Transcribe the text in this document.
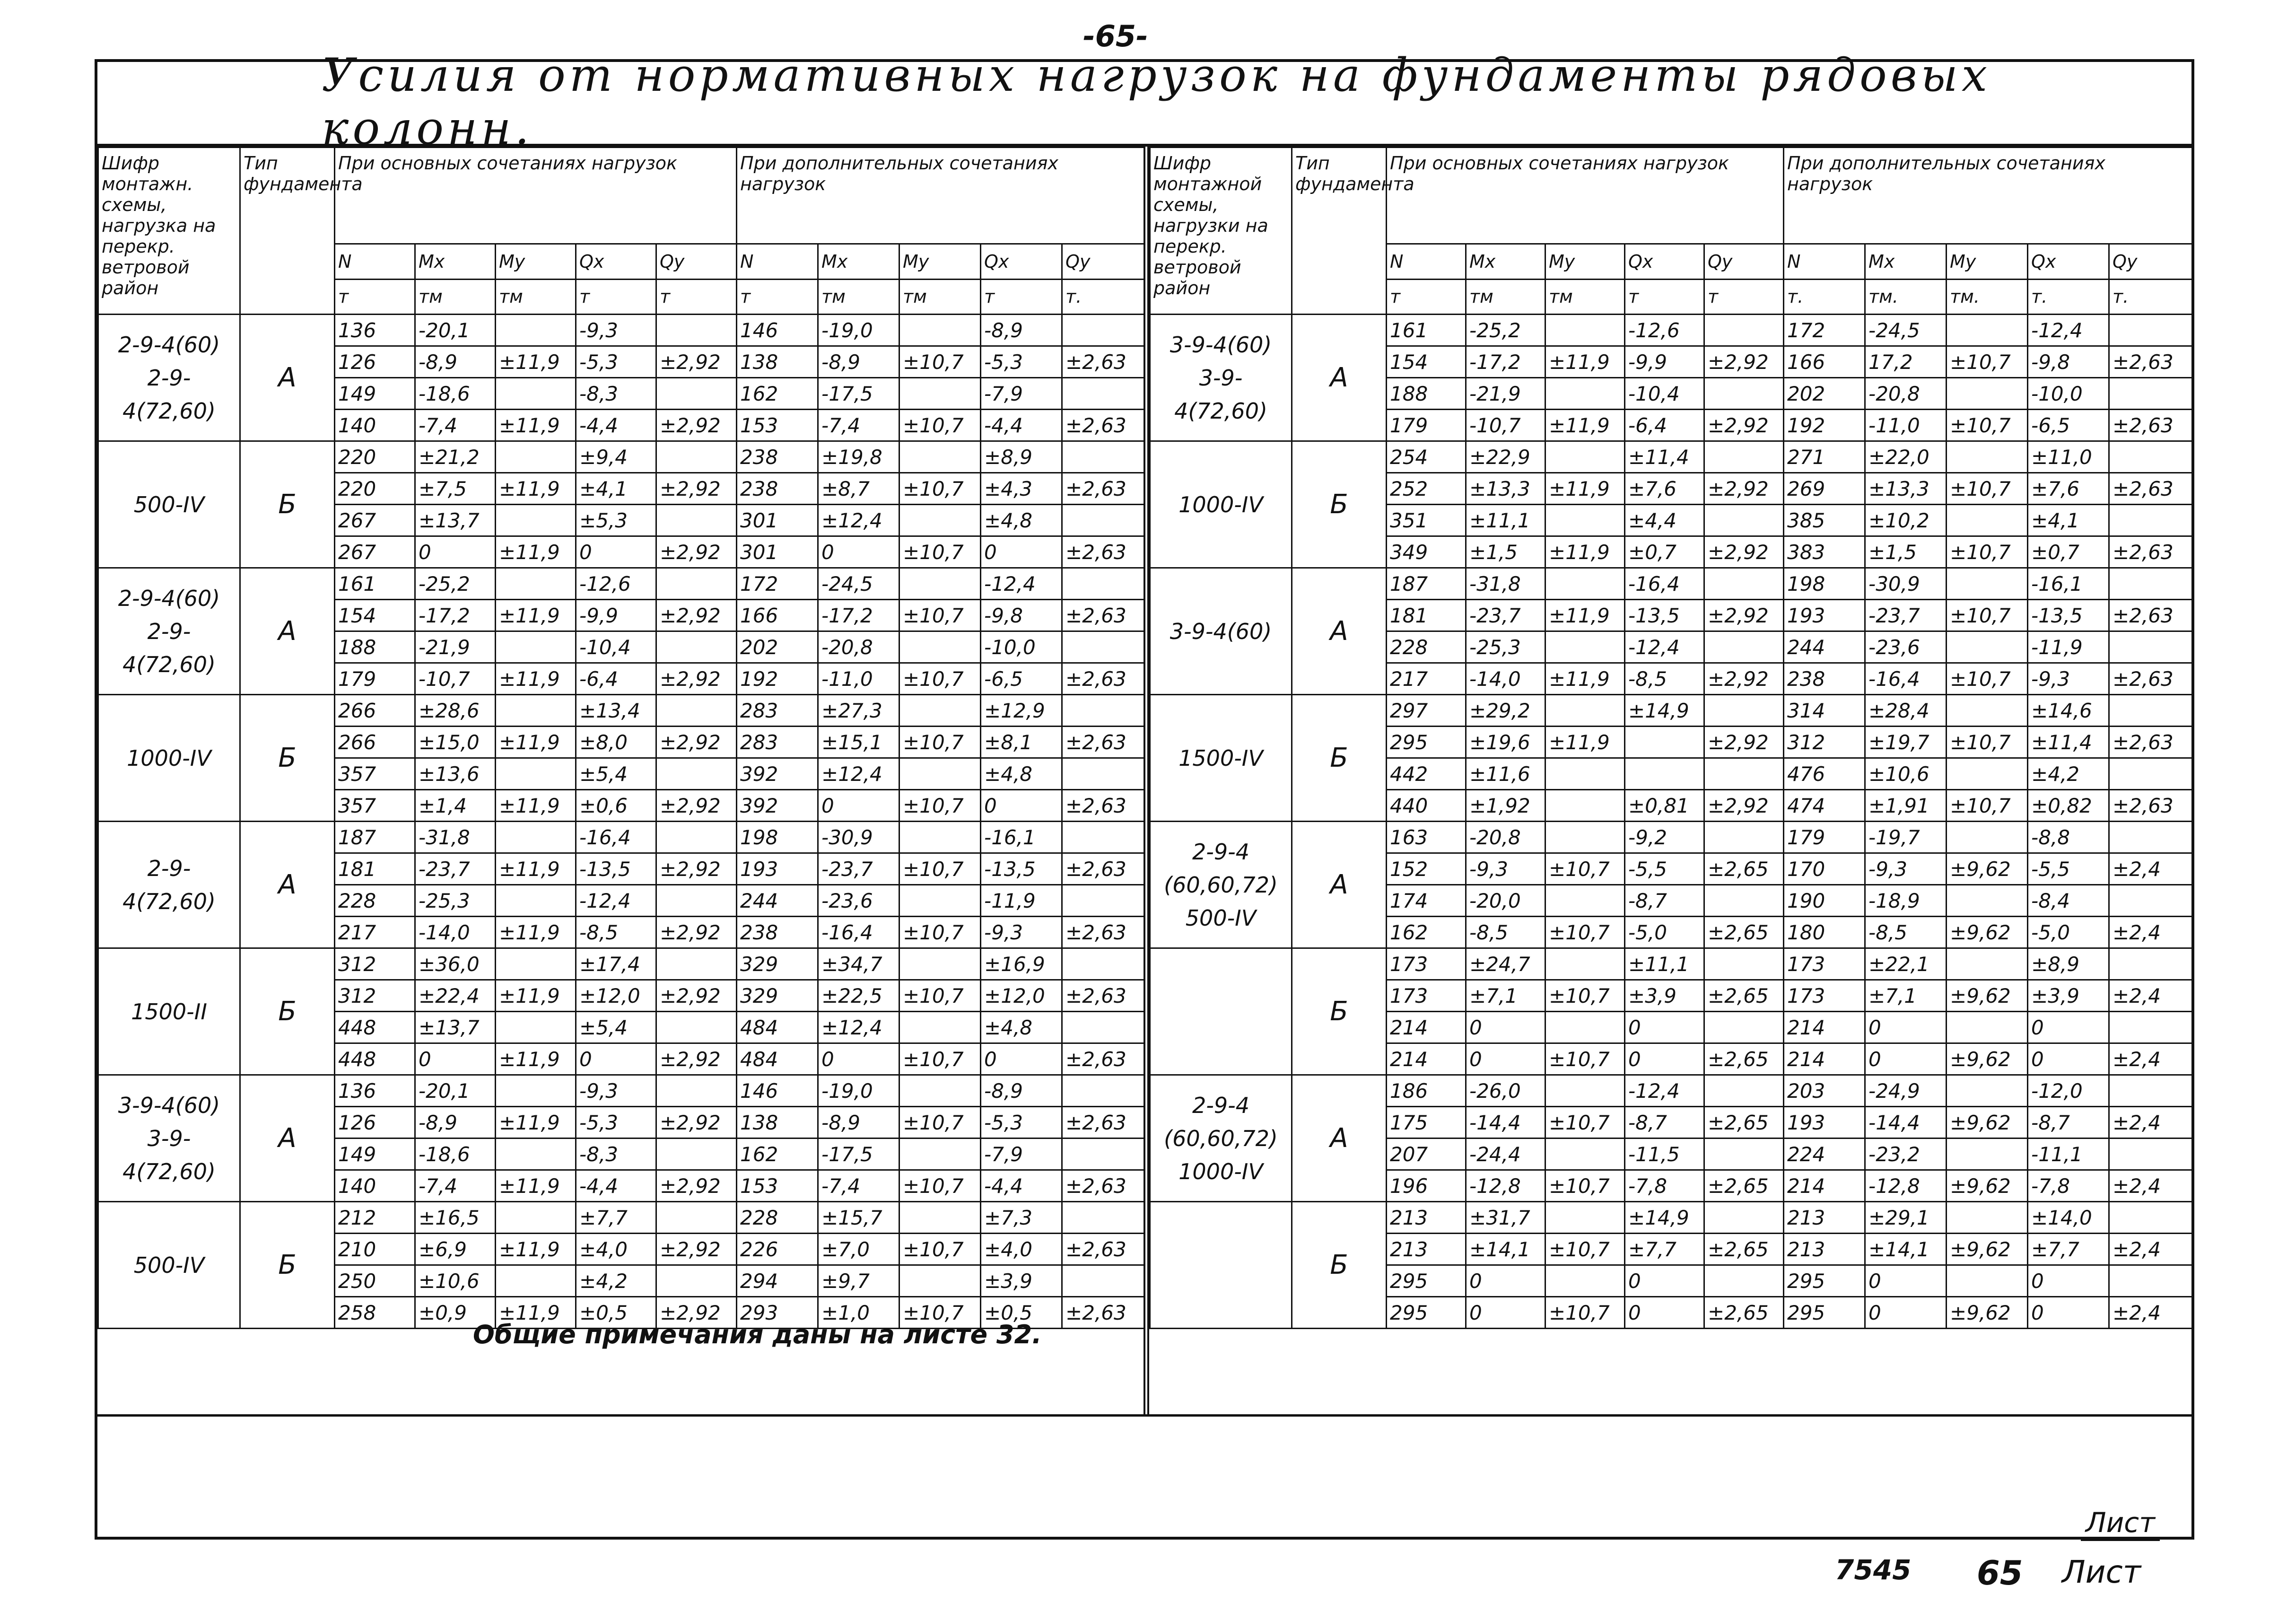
-65-
Усилия от нормативных нагрузок на фундаменты рядовых колонн.
Шифр монтажн. схемы, нагрузка на перекр. ветровой район	Тип фундамента	При основных сочетаниях нагрузок					При дополнительных сочетаниях нагрузок				
		N	Mx	My	Qx	Qy	N	Mx	My	Qx	Qy
		т	тм	тм	т	т	т	тм	тм	т	т.

2-9-4(60)
2-9-4(72,60)	А	136	-20,1		-9,3		146	-19,0		-8,9	
		126	-8,9	±11,9	-5,3	±2,92	138	-8,9	±10,7	-5,3	±2,63
		149	-18,6		-8,3		162	-17,5		-7,9	
		140	-7,4	±11,9	-4,4	±2,92	153	-7,4	±10,7	-4,4	±2,63

500-IV	Б	220	±21,2		±9,4		238	±19,8		±8,9	
		220	±7,5	±11,9	±4,1	±2,92	238	±8,7	±10,7	±4,3	±2,63
		267	±13,7		±5,3		301	±12,4		±4,8	
		267	0	±11,9	0	±2,92	301	0	±10,7	0	±2,63

2-9-4(60)
2-9-4(72,60)	А	161	-25,2		-12,6		172	-24,5		-12,4	
		154	-17,2	±11,9	-9,9	±2,92	166	-17,2	±10,7	-9,8	±2,63
		188	-21,9		-10,4		202	-20,8		-10,0	
		179	-10,7	±11,9	-6,4	±2,92	192	-11,0	±10,7	-6,5	±2,63

1000-IV	Б	266	±28,6		±13,4		283	±27,3		±12,9	
		266	±15,0	±11,9	±8,0	±2,92	283	±15,1	±10,7	±8,1	±2,63
		357	±13,6		±5,4		392	±12,4		±4,8	
		357	±1,4	±11,9	±0,6	±2,92	392	0	±10,7	0	±2,63

2-9-4(72,60)	А	187	-31,8		-16,4		198	-30,9		-16,1	
		181	-23,7	±11,9	-13,5	±2,92	193	-23,7	±10,7	-13,5	±2,63
		228	-25,3		-12,4		244	-23,6		-11,9	
		217	-14,0	±11,9	-8,5	±2,92	238	-16,4	±10,7	-9,3	±2,63

1500-II	Б	312	±36,0		±17,4		329	±34,7		±16,9	
		312	±22,4	±11,9	±12,0	±2,92	329	±22,5	±10,7	±12,0	±2,63
		448	±13,7		±5,4		484	±12,4		±4,8	
		448	0	±11,9	0	±2,92	484	0	±10,7	0	±2,63

3-9-4(60)
3-9-4(72,60)	А	136	-20,1		-9,3		146	-19,0		-8,9	
		126	-8,9	±11,9	-5,3	±2,92	138	-8,9	±10,7	-5,3	±2,63
		149	-18,6		-8,3		162	-17,5		-7,9	
		140	-7,4	±11,9	-4,4	±2,92	153	-7,4	±10,7	-4,4	±2,63

500-IV	Б	212	±16,5		±7,7		228	±15,7		±7,3	
		210	±6,9	±11,9	±4,0	±2,92	226	±7,0	±10,7	±4,0	±2,63
		250	±10,6		±4,2		294	±9,7		±3,9	
		258	±0,9	±11,9	±0,5	±2,92	293	±1,0	±10,7	±0,5	±2,63
Шифр монтажной схемы, нагрузки на перекр. ветровой район	Тип фундамента	При основных сочетаниях нагрузок					При дополнительных сочетаниях нагрузок				
		N	Mx	My	Qx	Qy	N	Mx	My	Qx	Qy
		т	тм	тм	т	т	т.	тм.	тм.	т.	т.

3-9-4(60)
3-9-4(72,60)	А	161	-25,2		-12,6		172	-24,5		-12,4	
		154	-17,2	±11,9	-9,9	±2,92	166	17,2	±10,7	-9,8	±2,63
		188	-21,9		-10,4		202	-20,8		-10,0	
		179	-10,7	±11,9	-6,4	±2,92	192	-11,0	±10,7	-6,5	±2,63

1000-IV	Б	254	±22,9		±11,4		271	±22,0		±11,0	
		252	±13,3	±11,9	±7,6	±2,92	269	±13,3	±10,7	±7,6	±2,63
		351	±11,1		±4,4		385	±10,2		±4,1	
		349	±1,5	±11,9	±0,7	±2,92	383	±1,5	±10,7	±0,7	±2,63

3-9-4(60)	А	187	-31,8		-16,4		198	-30,9		-16,1	
		181	-23,7	±11,9	-13,5	±2,92	193	-23,7	±10,7	-13,5	±2,63
		228	-25,3		-12,4		244	-23,6		-11,9	
		217	-14,0	±11,9	-8,5	±2,92	238	-16,4	±10,7	-9,3	±2,63

1500-IV	Б	297	±29,2		±14,9		314	±28,4		±14,6	
		295	±19,6	±11,9		±2,92	312	±19,7	±10,7	±11,4	±2,63
		442	±11,6				476	±10,6		±4,2	
		440	±1,92		±0,81	±2,92	474	±1,91	±10,7	±0,82	±2,63

2-9-4
(60,60,72)
500-IV	А	163	-20,8		-9,2		179	-19,7		-8,8	
		152	-9,3	±10,7	-5,5	±2,65	170	-9,3	±9,62	-5,5	±2,4
		174	-20,0		-8,7		190	-18,9		-8,4	
		162	-8,5	±10,7	-5,0	±2,65	180	-8,5	±9,62	-5,0	±2,4
	Б	173	±24,7		±11,1		173	±22,1		±8,9	
		173	±7,1	±10,7	±3,9	±2,65	173	±7,1	±9,62	±3,9	±2,4
		214	0		0		214	0		0	
		214	0	±10,7	0	±2,65	214	0	±9,62	0	±2,4

2-9-4
(60,60,72)
1000-IV	А	186	-26,0		-12,4		203	-24,9		-12,0	
		175	-14,4	±10,7	-8,7	±2,65	193	-14,4	±9,62	-8,7	±2,4
		207	-24,4		-11,5		224	-23,2		-11,1	
		196	-12,8	±10,7	-7,8	±2,65	214	-12,8	±9,62	-7,8	±2,4
	Б	213	±31,7		±14,9		213	±29,1		±14,0	
		213	±14,1	±10,7	±7,7	±2,65	213	±14,1	±9,62	±7,7	±2,4
		295	0		0		295	0		0	
		295	0	±10,7	0	±2,65	295	0	±9,62	0	±2,4
Общие примечания даны на листе 32.
Лист
7545 65 Лист
